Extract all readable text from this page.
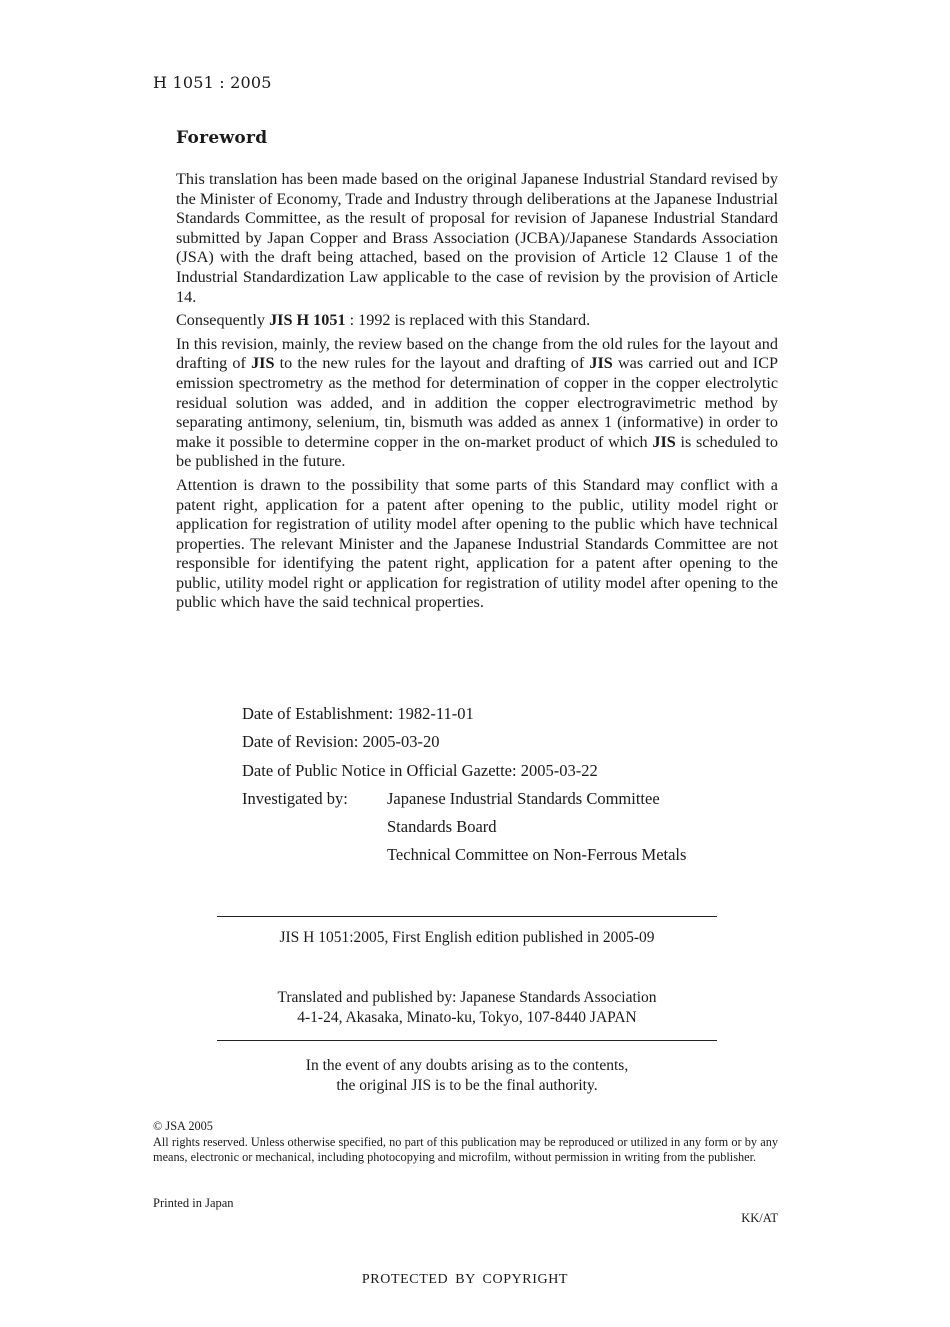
H 1051 : 2005
Foreword

This translation has been made based on the original Japanese Industrial Standard revised by the Minister of Economy, Trade and Industry through deliberations at the Japanese Industrial Standards Committee, as the result of proposal for revision of Japanese Industrial Standard submitted by Japan Copper and Brass Association (JCBA)/Japanese Standards Association (JSA) with the draft being attached, based on the provision of Article 12 Clause 1 of the Industrial Standardization Law applicable to the case of revision by the provision of Article 14.

Consequently JIS H 1051 : 1992 is replaced with this Standard.

In this revision, mainly, the review based on the change from the old rules for the layout and drafting of JIS to the new rules for the layout and drafting of JIS was carried out and ICP emission spectrometry as the method for determination of copper in the copper electrolytic residual solution was added, and in addition the copper electrogravimetric method by separating antimony, selenium, tin, bismuth was added as annex 1 (informative) in order to make it possible to determine copper in the on-market product of which JIS is scheduled to be published in the future.

Attention is drawn to the possibility that some parts of this Standard may conflict with a patent right, application for a patent after opening to the public, utility model right or application for registration of utility model after opening to the public which have technical properties. The relevant Minister and the Japanese Industrial Standards Committee are not responsible for identifying the patent right, application for a patent after opening to the public, utility model right or application for registration of utility model after opening to the public which have the said technical properties.

Date of Establishment: 1982-11-01
Date of Revision: 2005-03-20
Date of Public Notice in Official Gazette: 2005-03-22
Investigated by: Japanese Industrial Standards Committee
Standards Board
Technical Committee on Non-Ferrous Metals
JIS H 1051:2005, First English edition published in 2005-09
Translated and published by: Japanese Standards Association
4-1-24, Akasaka, Minato-ku, Tokyo, 107-8440 JAPAN
In the event of any doubts arising as to the contents,
the original JIS is to be the final authority.

© JSA 2005

All rights reserved. Unless otherwise specified, no part of this publication may be reproduced or utilized in any form or by any means, electronic or mechanical, including photocopying and microfilm, without permission in writing from the publisher.

Printed in Japan
KK/AT
PROTECTED BY COPYRIGHT
